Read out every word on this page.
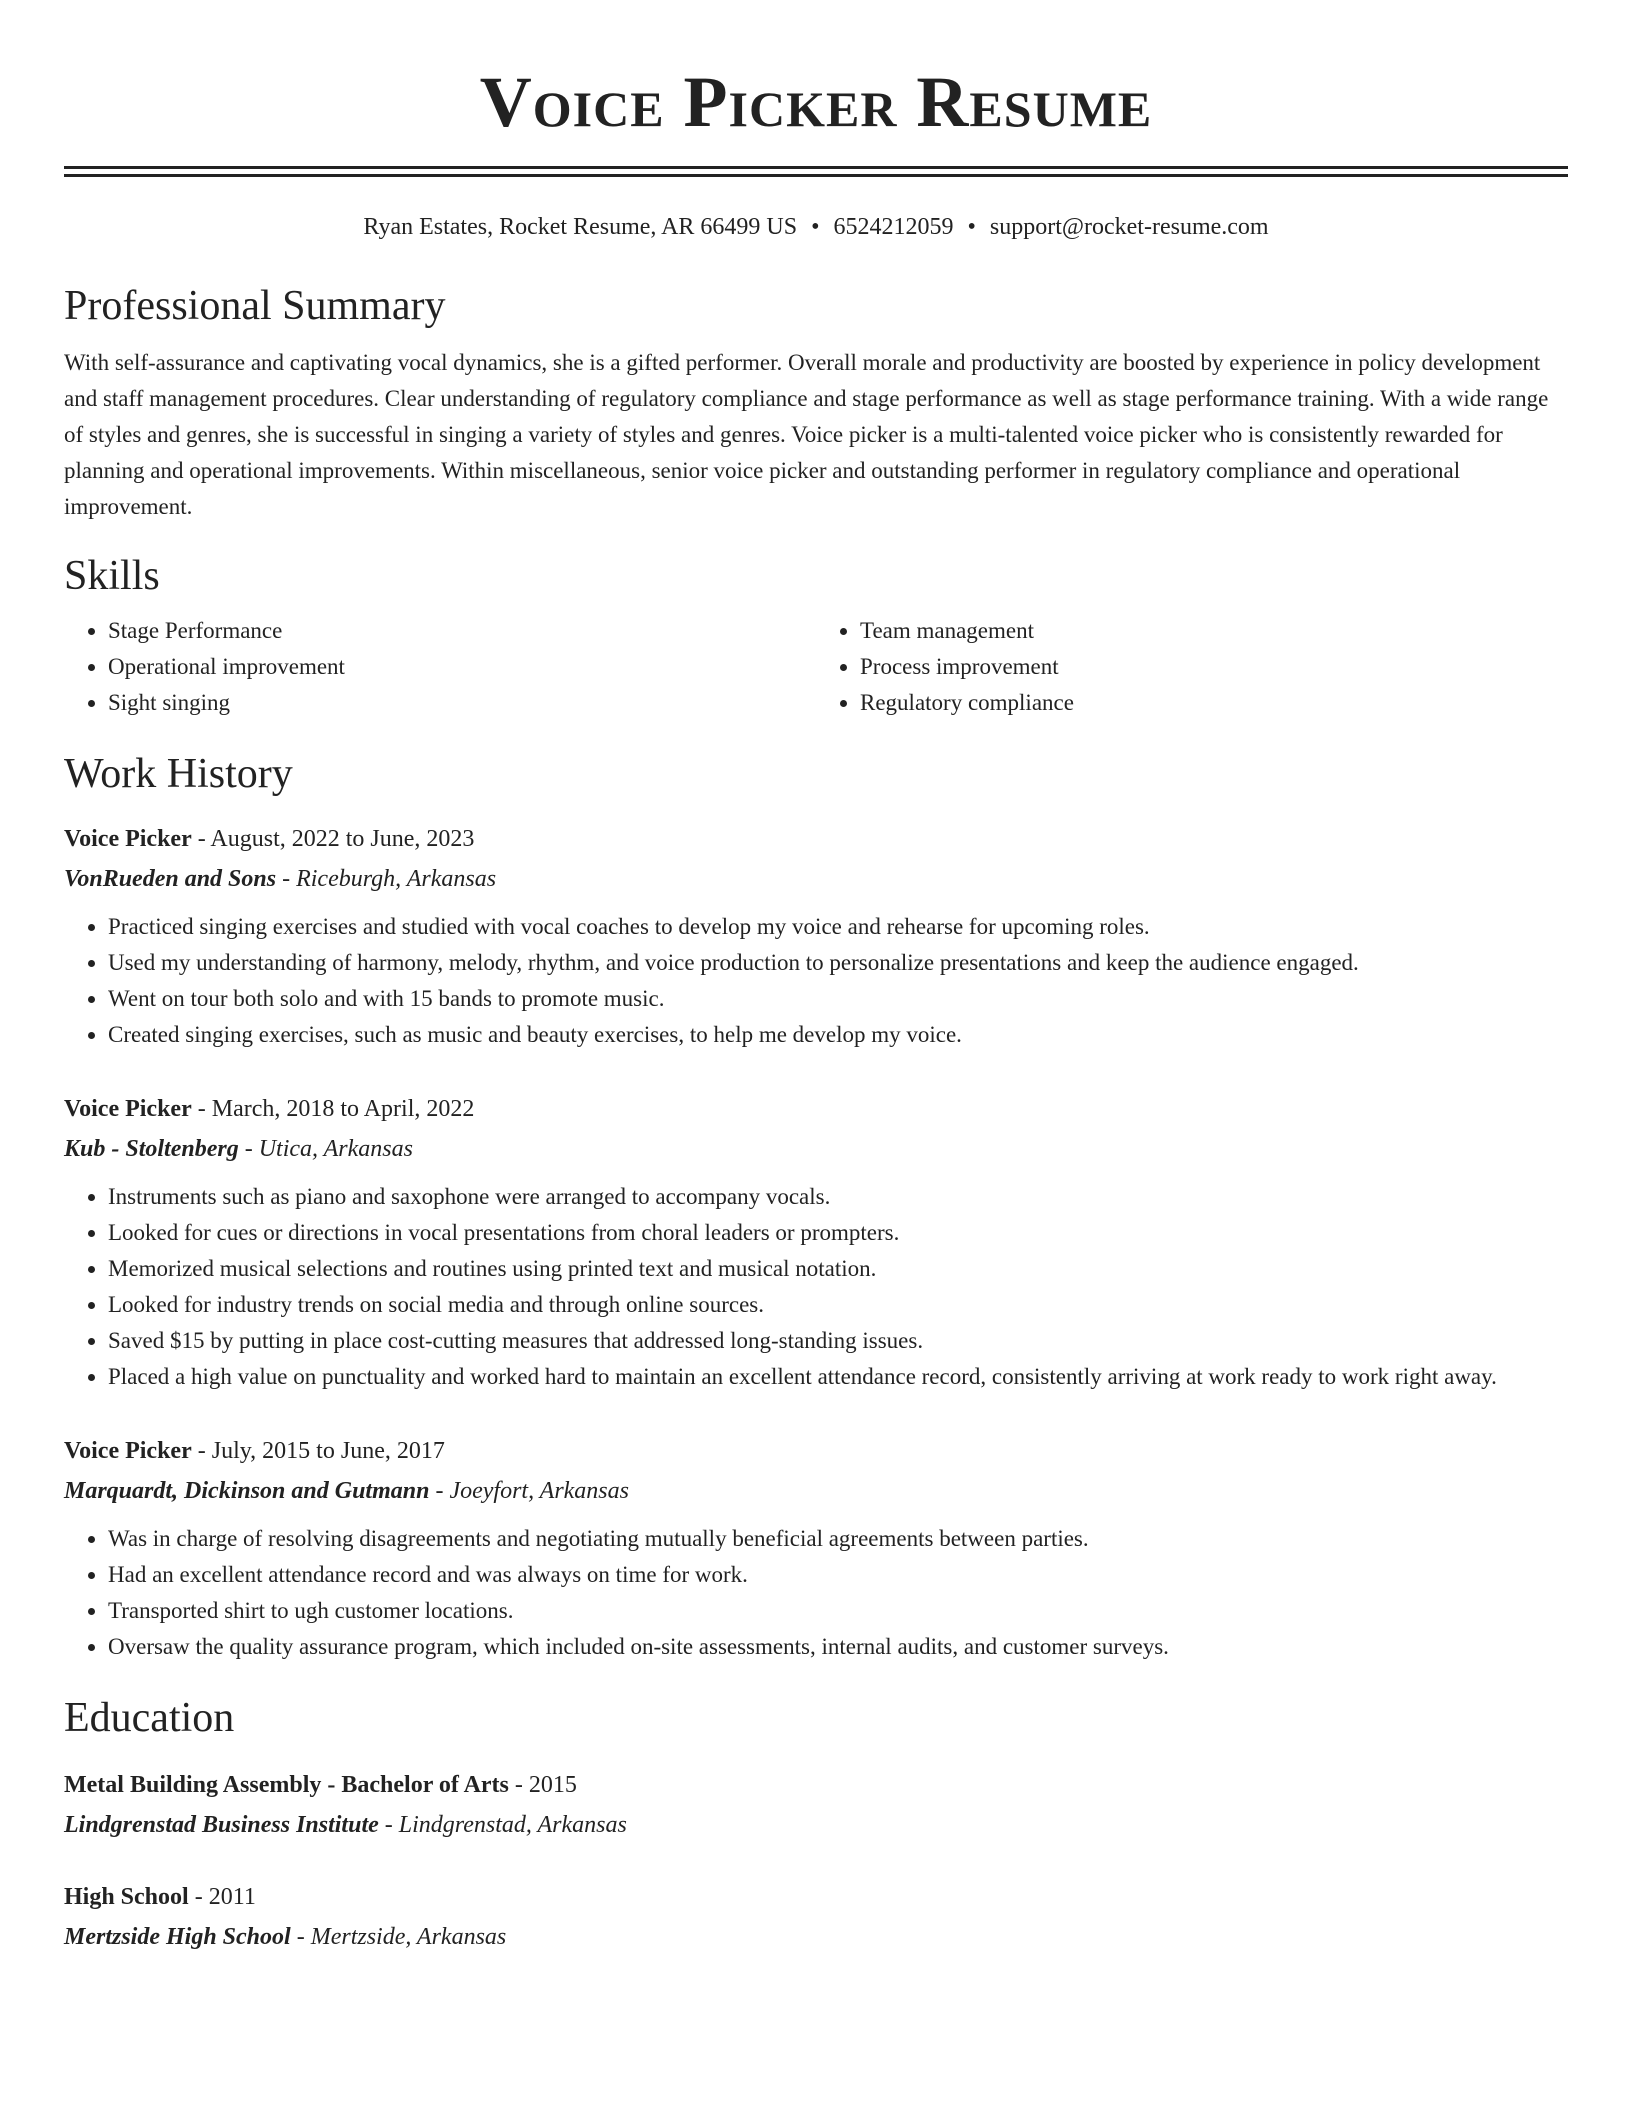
Voice Picker Resume
Ryan Estates, Rocket Resume, AR 66499 US • 6524212059 • support@rocket-resume.com
Professional Summary

With self-assurance and captivating vocal dynamics, she is a gifted performer. Overall morale and productivity are boosted by experience in policy development and staff management procedures. Clear understanding of regulatory compliance and stage performance as well as stage performance training. With a wide range of styles and genres, she is successful in singing a variety of styles and genres. Voice picker is a multi-talented voice picker who is consistently rewarded for planning and operational improvements. Within miscellaneous, senior voice picker and outstanding performer in regulatory compliance and operational improvement.

Skills
• Stage Performance
• Operational improvement
• Sight singing
• Team management
• Process improvement
• Regulatory compliance
Work History
Voice Picker - August, 2022 to June, 2023
VonRueden and Sons - Riceburgh, Arkansas
• Practiced singing exercises and studied with vocal coaches to develop my voice and rehearse for upcoming roles.
• Used my understanding of harmony, melody, rhythm, and voice production to personalize presentations and keep the audience engaged.
• Went on tour both solo and with 15 bands to promote music.
• Created singing exercises, such as music and beauty exercises, to help me develop my voice.
Voice Picker - March, 2018 to April, 2022
Kub - Stoltenberg - Utica, Arkansas
• Instruments such as piano and saxophone were arranged to accompany vocals.
• Looked for cues or directions in vocal presentations from choral leaders or prompters.
• Memorized musical selections and routines using printed text and musical notation.
• Looked for industry trends on social media and through online sources.
• Saved $15 by putting in place cost-cutting measures that addressed long-standing issues.
• Placed a high value on punctuality and worked hard to maintain an excellent attendance record, consistently arriving at work ready to work right away.
Voice Picker - July, 2015 to June, 2017
Marquardt, Dickinson and Gutmann - Joeyfort, Arkansas
• Was in charge of resolving disagreements and negotiating mutually beneficial agreements between parties.
• Had an excellent attendance record and was always on time for work.
• Transported shirt to ugh customer locations.
• Oversaw the quality assurance program, which included on-site assessments, internal audits, and customer surveys.
Education
Metal Building Assembly - Bachelor of Arts - 2015
Lindgrenstad Business Institute - Lindgrenstad, Arkansas
High School - 2011
Mertzside High School - Mertzside, Arkansas
